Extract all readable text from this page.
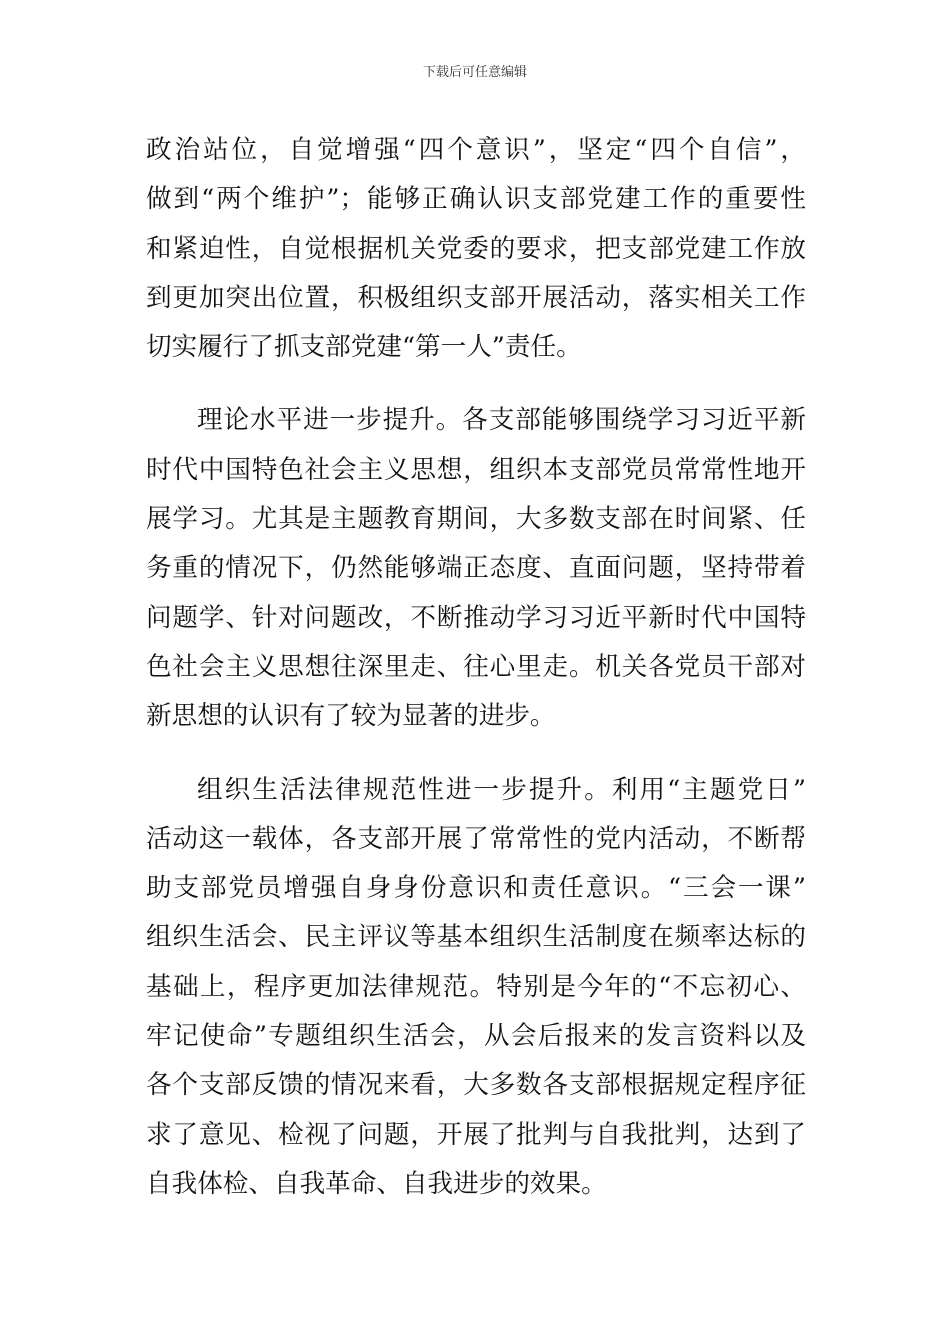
下载后可任意编辑
政治站位，自觉增强“四个意识”，坚定“四个自信”，
做到“两个维护”；能够正确认识支部党建工作的重要性
和紧迫性，自觉根据机关党委的要求，把支部党建工作放
到更加突出位置，积极组织支部开展活动，落实相关工作
切实履行了抓支部党建“第一人”责任。
理论水平进一步提升。各支部能够围绕学习习近平新
时代中国特色社会主义思想，组织本支部党员常常性地开
展学习。尤其是主题教育期间，大多数支部在时间紧、任
务重的情况下，仍然能够端正态度、直面问题，坚持带着
问题学、针对问题改，不断推动学习习近平新时代中国特
色社会主义思想往深里走、往心里走。机关各党员干部对
新思想的认识有了较为显著的进步。
组织生活法律规范性进一步提升。利用“主题党日”
活动这一载体，各支部开展了常常性的党内活动，不断帮
助支部党员增强自身身份意识和责任意识。“三会一课”
组织生活会、民主评议等基本组织生活制度在频率达标的
基础上，程序更加法律规范。特别是今年的“不忘初心、
牢记使命”专题组织生活会，从会后报来的发言资料以及
各个支部反馈的情况来看，大多数各支部根据规定程序征
求了意见、检视了问题，开展了批判与自我批判，达到了
自我体检、自我革命、自我进步的效果。
